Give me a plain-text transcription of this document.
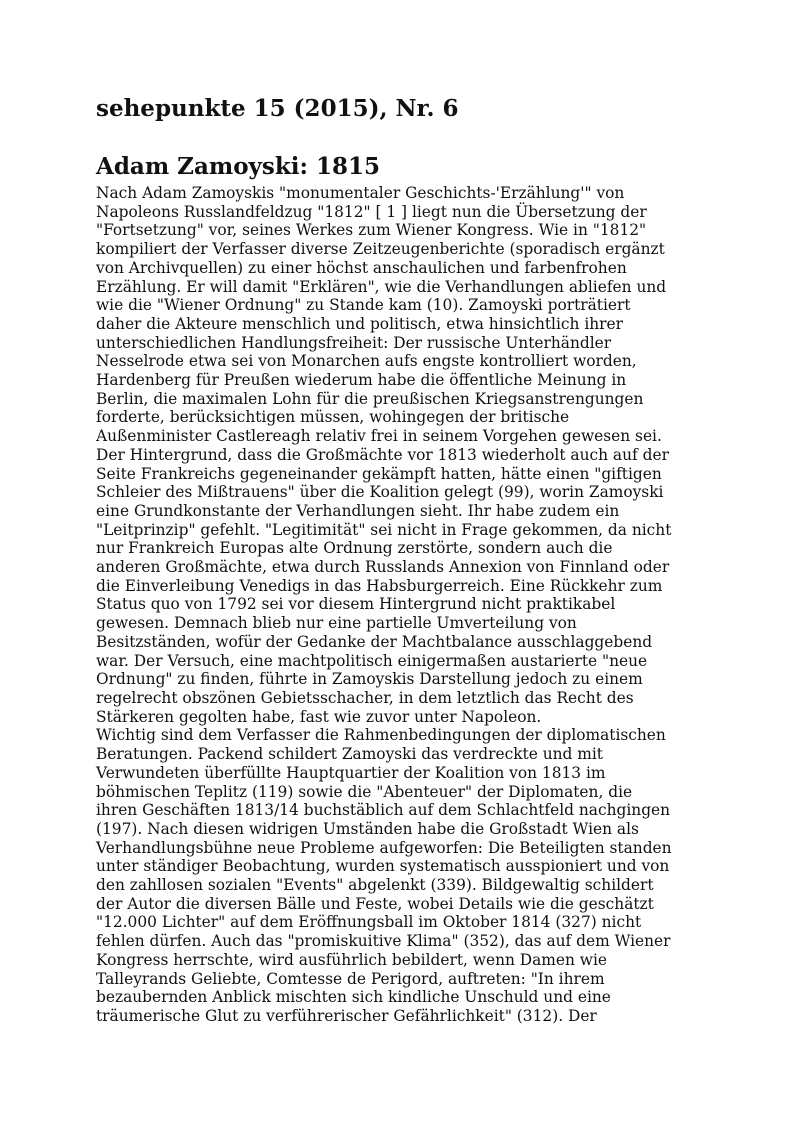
sehepunkte 15 (2015), Nr. 6
Adam Zamoyski: 1815

Nach Adam Zamoyskis "monumentaler Geschichts-'Erzählung'" von
Napoleons Russlandfeldzug "1812" [ 1 ] liegt nun die Übersetzung der
"Fortsetzung" vor, seines Werkes zum Wiener Kongress. Wie in "1812"
kompiliert der Verfasser diverse Zeitzeugenberichte (sporadisch ergänzt
von Archivquellen) zu einer höchst anschaulichen und farbenfrohen
Erzählung. Er will damit "Erklären", wie die Verhandlungen abliefen und
wie die "Wiener Ordnung" zu Stande kam (10). Zamoyski porträtiert
daher die Akteure menschlich und politisch, etwa hinsichtlich ihrer
unterschiedlichen Handlungsfreiheit: Der russische Unterhändler
Nesselrode etwa sei von Monarchen aufs engste kontrolliert worden,
Hardenberg für Preußen wiederum habe die öffentliche Meinung in
Berlin, die maximalen Lohn für die preußischen Kriegsanstrengungen
forderte, berücksichtigen müssen, wohingegen der britische
Außenminister Castlereagh relativ frei in seinem Vorgehen gewesen sei.
Der Hintergrund, dass die Großmächte vor 1813 wiederholt auch auf der
Seite Frankreichs gegeneinander gekämpft hatten, hätte einen "giftigen
Schleier des Mißtrauens" über die Koalition gelegt (99), worin Zamoyski
eine Grundkonstante der Verhandlungen sieht. Ihr habe zudem ein
"Leitprinzip" gefehlt. "Legitimität" sei nicht in Frage gekommen, da nicht
nur Frankreich Europas alte Ordnung zerstörte, sondern auch die
anderen Großmächte, etwa durch Russlands Annexion von Finnland oder
die Einverleibung Venedigs in das Habsburgerreich. Eine Rückkehr zum
Status quo von 1792 sei vor diesem Hintergrund nicht praktikabel
gewesen. Demnach blieb nur eine partielle Umverteilung von
Besitzständen, wofür der Gedanke der Machtbalance ausschlaggebend
war. Der Versuch, eine machtpolitisch einigermaßen austarierte "neue
Ordnung" zu finden, führte in Zamoyskis Darstellung jedoch zu einem
regelrecht obszönen Gebietsschacher, in dem letztlich das Recht des
Stärkeren gegolten habe, fast wie zuvor unter Napoleon.

Wichtig sind dem Verfasser die Rahmenbedingungen der diplomatischen
Beratungen. Packend schildert Zamoyski das verdreckte und mit
Verwundeten überfüllte Hauptquartier der Koalition von 1813 im
böhmischen Teplitz (119) sowie die "Abenteuer" der Diplomaten, die
ihren Geschäften 1813/14 buchstäblich auf dem Schlachtfeld nachgingen
(197). Nach diesen widrigen Umständen habe die Großstadt Wien als
Verhandlungsbühne neue Probleme aufgeworfen: Die Beteiligten standen
unter ständiger Beobachtung, wurden systematisch ausspioniert und von
den zahllosen sozialen "Events" abgelenkt (339). Bildgewaltig schildert
der Autor die diversen Bälle und Feste, wobei Details wie die geschätzt
"12.000 Lichter" auf dem Eröffnungsball im Oktober 1814 (327) nicht
fehlen dürfen. Auch das "promiskuitive Klima" (352), das auf dem Wiener
Kongress herrschte, wird ausführlich bebildert, wenn Damen wie
Talleyrands Geliebte, Comtesse de Perigord, auftreten: "In ihrem
bezaubernden Anblick mischten sich kindliche Unschuld und eine
träumerische Glut zu verführerischer Gefährlichkeit" (312). Der
